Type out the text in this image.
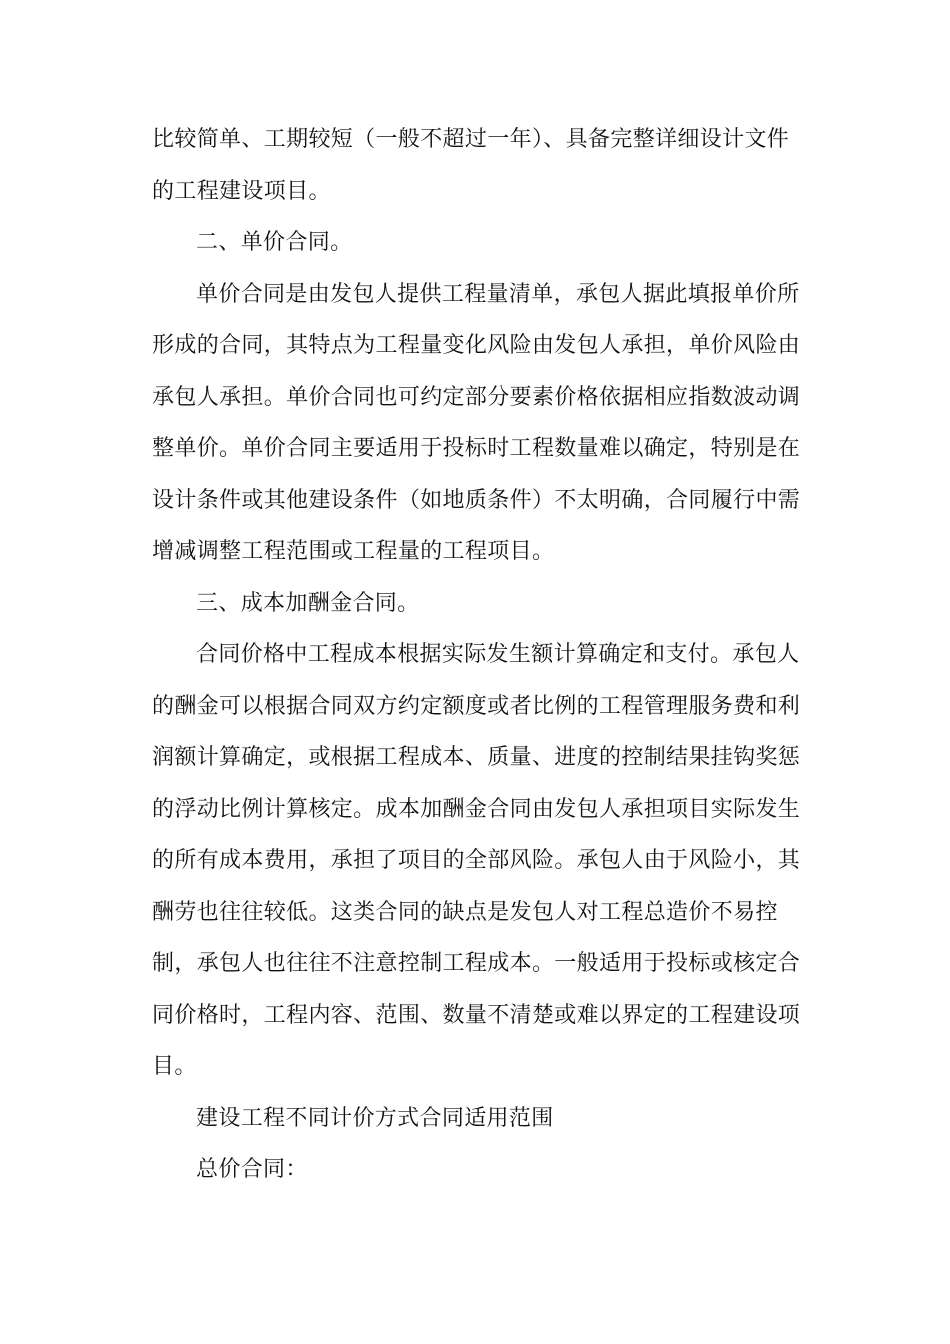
比较简单、工期较短（一般不超过一年）、具备完整详细设计文件
的工程建设项目。
二、单价合同。
单价合同是由发包人提供工程量清单，承包人据此填报单价所
形成的合同，其特点为工程量变化风险由发包人承担，单价风险由
承包人承担。单价合同也可约定部分要素价格依据相应指数波动调
整单价。单价合同主要适用于投标时工程数量难以确定，特别是在
设计条件或其他建设条件（如地质条件）不太明确，合同履行中需
增减调整工程范围或工程量的工程项目。
三、成本加酬金合同。
合同价格中工程成本根据实际发生额计算确定和支付。承包人
的酬金可以根据合同双方约定额度或者比例的工程管理服务费和利
润额计算确定，或根据工程成本、质量、进度的控制结果挂钩奖惩
的浮动比例计算核定。成本加酬金合同由发包人承担项目实际发生
的所有成本费用，承担了项目的全部风险。承包人由于风险小，其
酬劳也往往较低。这类合同的缺点是发包人对工程总造价不易控
制，承包人也往往不注意控制工程成本。一般适用于投标或核定合
同价格时，工程内容、范围、数量不清楚或难以界定的工程建设项
目。
建设工程不同计价方式合同适用范围
总价合同：
